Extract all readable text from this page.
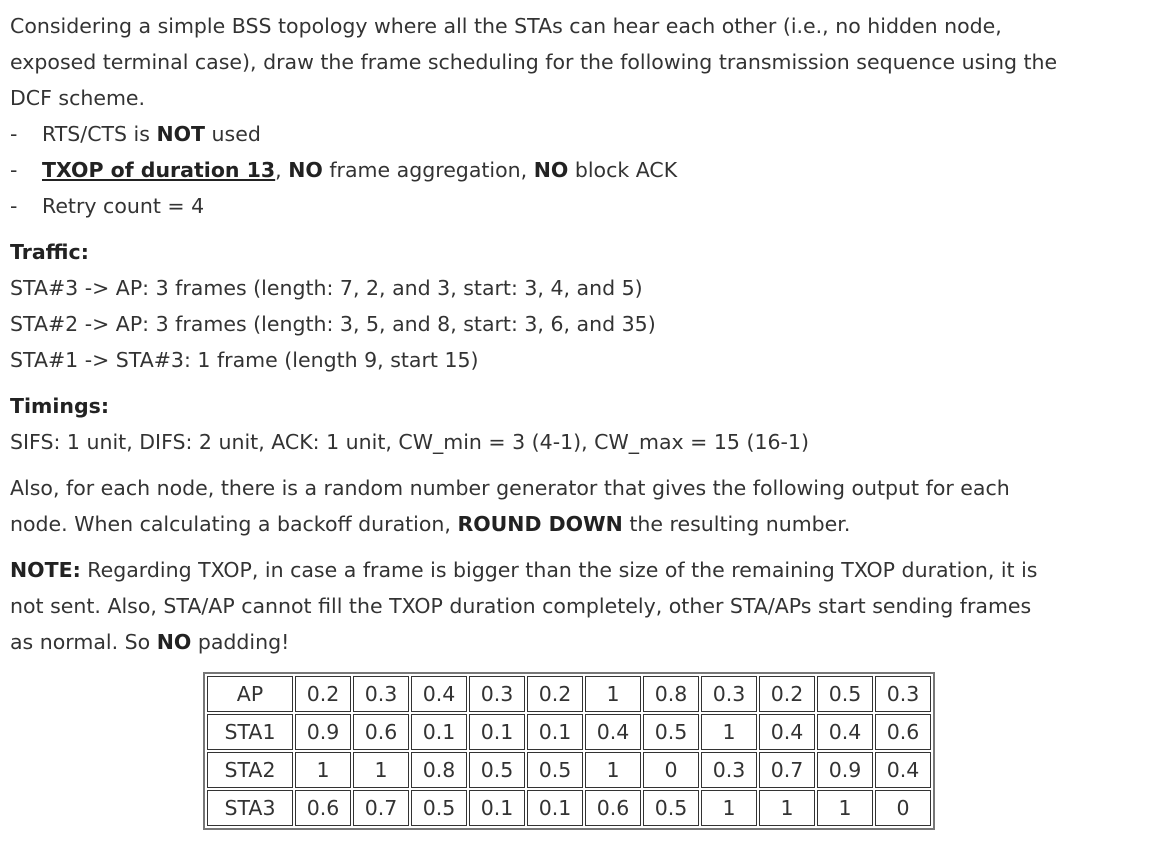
Considering a simple BSS topology where all the STAs can hear each other (i.e., no hidden node,
exposed terminal case), draw the frame scheduling for the following transmission sequence using the
DCF scheme.

-	RTS/CTS is NOT used
-	TXOP of duration 13, NO frame aggregation, NO block ACK
-	Retry count = 4

Traffic:
STA#3 -> AP: 3 frames (length: 7, 2, and 3, start: 3, 4, and 5)
STA#2 -> AP: 3 frames (length: 3, 5, and 8, start: 3, 6, and 35)
STA#1 -> STA#3: 1 frame (length 9, start 15)

Timings:
SIFS: 1 unit, DIFS: 2 unit, ACK: 1 unit, CW_min = 3 (4-1), CW_max = 15 (16-1)

Also, for each node, there is a random number generator that gives the following output for each
node. When calculating a backoff duration, ROUND DOWN the resulting number.

NOTE: Regarding TXOP, in case a frame is bigger than the size of the remaining TXOP duration, it is
not sent. Also, STA/AP cannot fill the TXOP duration completely, other STA/APs start sending frames
as normal. So NO padding!

AP	0.2	0.3	0.4	0.3	0.2	1	0.8	0.3	0.2	0.5	0.3
STA1	0.9	0.6	0.1	0.1	0.1	0.4	0.5	1	0.4	0.4	0.6
STA2	1	1	0.8	0.5	0.5	1	0	0.3	0.7	0.9	0.4
STA3	0.6	0.7	0.5	0.1	0.1	0.6	0.5	1	1	1	0
